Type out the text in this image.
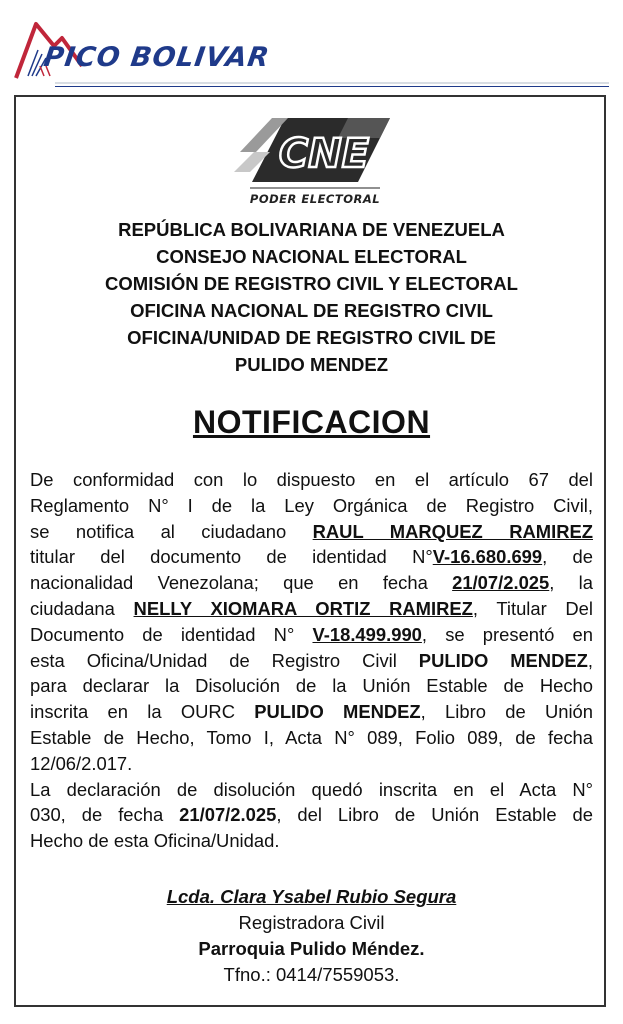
PICO BOLIVAR
CNE
PODER ELECTORAL
REPÚBLICA BOLIVARIANA DE VENEZUELA
CONSEJO NACIONAL ELECTORAL
COMISIÓN DE REGISTRO CIVIL Y ELECTORAL
OFICINA NACIONAL DE REGISTRO CIVIL
OFICINA/UNIDAD DE REGISTRO CIVIL DE
PULIDO MENDEZ
NOTIFICACION
De conformidad con lo dispuesto en el artículo 67 del
Reglamento N° I de la Ley Orgánica de Registro Civil,
se notifica al ciudadano RAUL MARQUEZ RAMIREZ
titular del documento de identidad N°V-16.680.699, de
nacionalidad Venezolana; que en fecha 21/07/2.025, la
ciudadana NELLY XIOMARA ORTIZ RAMIREZ, Titular Del
Documento de identidad N° V-18.499.990, se presentó en
esta Oficina/Unidad de Registro Civil PULIDO MENDEZ,
para declarar la Disolución de la Unión Estable de Hecho
inscrita en la OURC PULIDO MENDEZ, Libro de Unión
Estable de Hecho, Tomo I, Acta N° 089, Folio 089, de fecha
12/06/2.017.
La declaración de disolución quedó inscrita en el Acta N°
030, de fecha 21/07/2.025, del Libro de Unión Estable de
Hecho de esta Oficina/Unidad.
Lcda. Clara Ysabel Rubio Segura
Registradora Civil
Parroquia Pulido Méndez.
Tfno.: 0414/7559053.
